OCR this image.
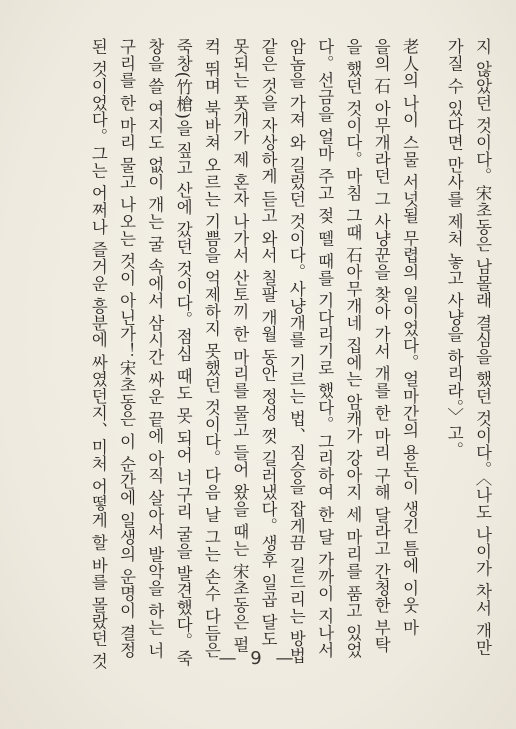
지 않았던 것이다。宋초동은 남몰래 결심을 했던 것이다。〈나도 나이가 차서 개만
가질 수 있다면 만사를 제처 놓고 사냥을 하리라。〉고。
老人의 나이 스물 서넛될 무렵의 일이었다。얼마간의 용돈이 생긴 틈에 이웃 마
을의 石 아무개라던 그 사냥꾼을 찾아 가서 개를 한 마리 구해 달라고 간청한 부탁
을 했던 것이다。마침 그때 石아무개네 집에는 암캐가 강아지 세 마리를 품고 있었
다。선금을 얼마 주고 젖 뗄 때를 기다리기로 했다。그리하여 한 달 가까이 지나서
암놈을 가져 와 길렀던 것이다。사냥개를 기르는 법、짐승을 잡게끔 길드리는 방법
같은 것을 자상하게 듣고 와서 칠팔 개월 동안 정성 껏 길러냈다。생후 일곱 달도
못되는 풋개가 제 혼자 나가서 산토끼 한 마리를 물고 들어 왔을 때는 宋초동은 펄
컥 뛰며 북바쳐 오르는 기쁨을 억제하지 못했던 것이다。다음 날 그는 손수 다듬은
죽창(竹槍)을 짚고 산에 갔던 것이다。점심 때도 못 되어 너구리 굴을 발견했다。죽
창을 쓸 여지도 없이 개는 굴 속에서 삼시간 싸운 끝에 아직 살아서 발악을 하는 너
구리를 한 마리 물고 나오는 것이 아닌가！宋초동은 이 순간에 일생의 운명이 결정
된 것이었다。그는 어쩌나 즐거운 흥분에 싸였던지、미처 어떻게 할 바를 몰랐던 것	— 9 —
